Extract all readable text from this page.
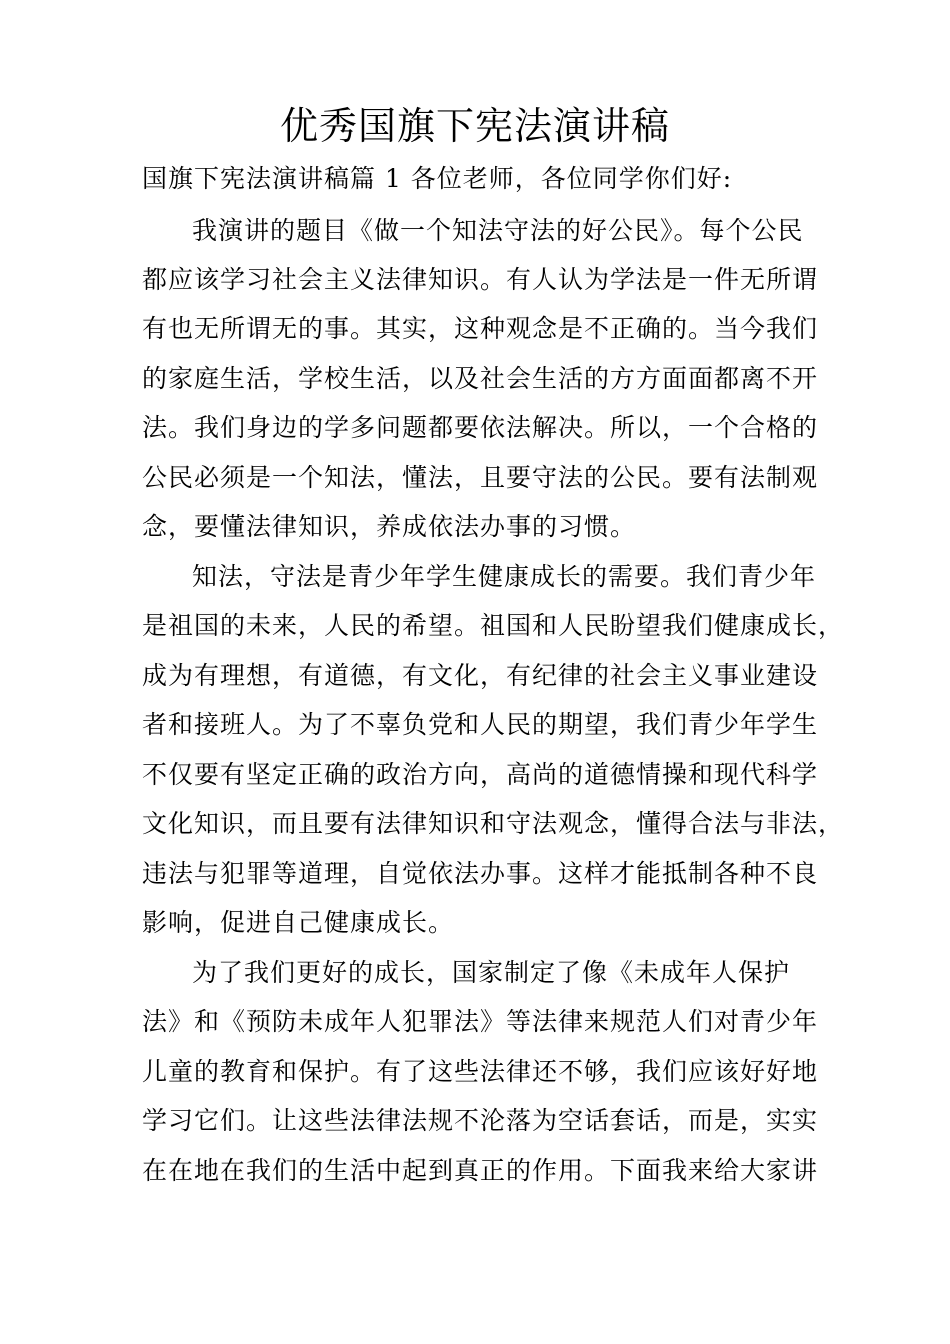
优秀国旗下宪法演讲稿
国旗下宪法演讲稿篇 1 各位老师，各位同学你们好:
我演讲的题目《做一个知法守法的好公民》。每个公民
都应该学习社会主义法律知识。有人认为学法是一件无所谓
有也无所谓无的事。其实，这种观念是不正确的。当今我们
的家庭生活，学校生活，以及社会生活的方方面面都离不开
法。我们身边的学多问题都要依法解决。所以，一个合格的
公民必须是一个知法，懂法，且要守法的公民。要有法制观
念，要懂法律知识，养成依法办事的习惯。
知法，守法是青少年学生健康成长的需要。我们青少年
是祖国的未来，人民的希望。祖国和人民盼望我们健康成长，
成为有理想，有道德，有文化，有纪律的社会主义事业建设
者和接班人。为了不辜负党和人民的期望，我们青少年学生
不仅要有坚定正确的政治方向，高尚的道德情操和现代科学
文化知识，而且要有法律知识和守法观念，懂得合法与非法，
违法与犯罪等道理，自觉依法办事。这样才能抵制各种不良
影响，促进自己健康成长。
为了我们更好的成长，国家制定了像《未成年人保护
法》和《预防未成年人犯罪法》等法律来规范人们对青少年
儿童的教育和保护。有了这些法律还不够，我们应该好好地
学习它们。让这些法律法规不沦落为空话套话，而是，实实
在在地在我们的生活中起到真正的作用。下面我来给大家讲
